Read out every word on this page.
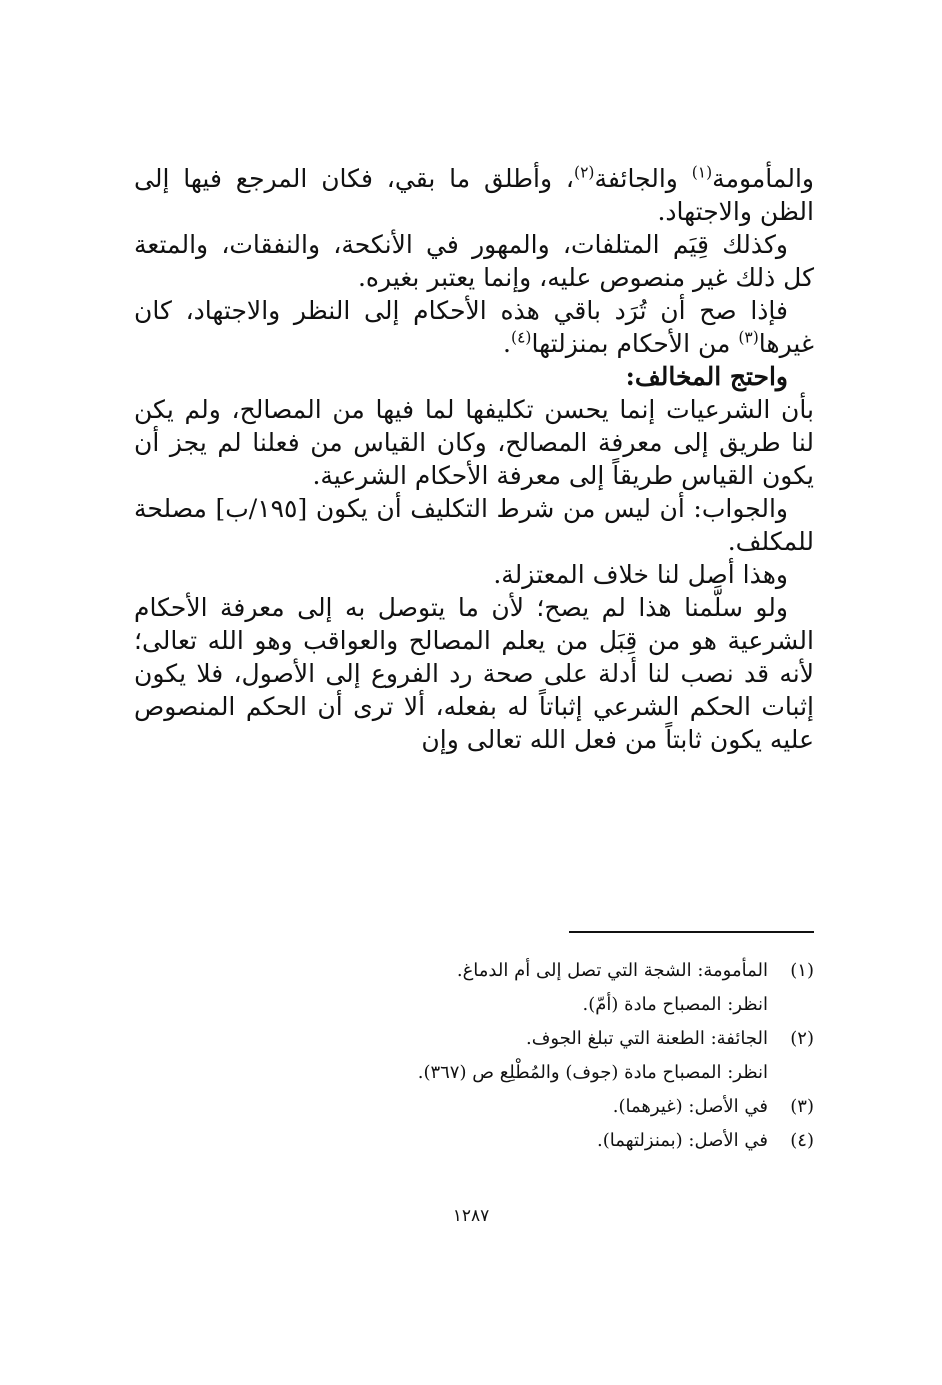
والمأمومة$^{(١)}$ والجائفة$^{(٢)}$، وأطلق ما بقي، فكان المرجع فيها إلى الظن والاجتهاد.

وكذلك قِيَم المتلفات، والمهور في الأنكحة، والنفقات، والمتعة كل ذلك غير منصوص عليه، وإنما يعتبر بغيره.

فإذا صح أن تُرَد باقي هذه الأحكام إلى النظر والاجتهاد، كان غيرها$^{(٣)}$ من الأحكام بمنزلتها$^{(٤)}$.

واحتج المخالف:

بأن الشرعيات إنما يحسن تكليفها لما فيها من المصالح، ولم يكن لنا طريق إلى معرفة المصالح، وكان القياس من فعلنا لم يجز أن يكون القياس طريقاً إلى معرفة الأحكام الشرعية.

والجواب: أن ليس من شرط التكليف أن يكون [١٩٥/ب] مصلحة للمكلف.

وهذا أصل لنا خلاف المعتزلة.

ولو سلَّمنا هذا لم يصح؛ لأن ما يتوصل به إلى معرفة الأحكام الشرعية هو من قِبَل من يعلم المصالح والعواقب وهو الله تعالى؛ لأنه قد نصب لنا أدلة على صحة رد الفروع إلى الأصول، فلا يكون إثبات الحكم الشرعي إثباتاً له بفعله، ألا ترى أن الحكم المنصوص عليه يكون ثابتاً من فعل الله تعالى وإن

(١)
المأمومة: الشجة التي تصل إلى أم الدماغ.
انظر: المصباح مادة (أمّ).
(٢)
الجائفة: الطعنة التي تبلغ الجوف.
انظر: المصباح مادة (جوف) والمُطْلِع ص (٣٦٧).
(٣)
في الأصل: (غيرهما).
(٤)
في الأصل: (بمنزلتهما).
١٢٨٧
